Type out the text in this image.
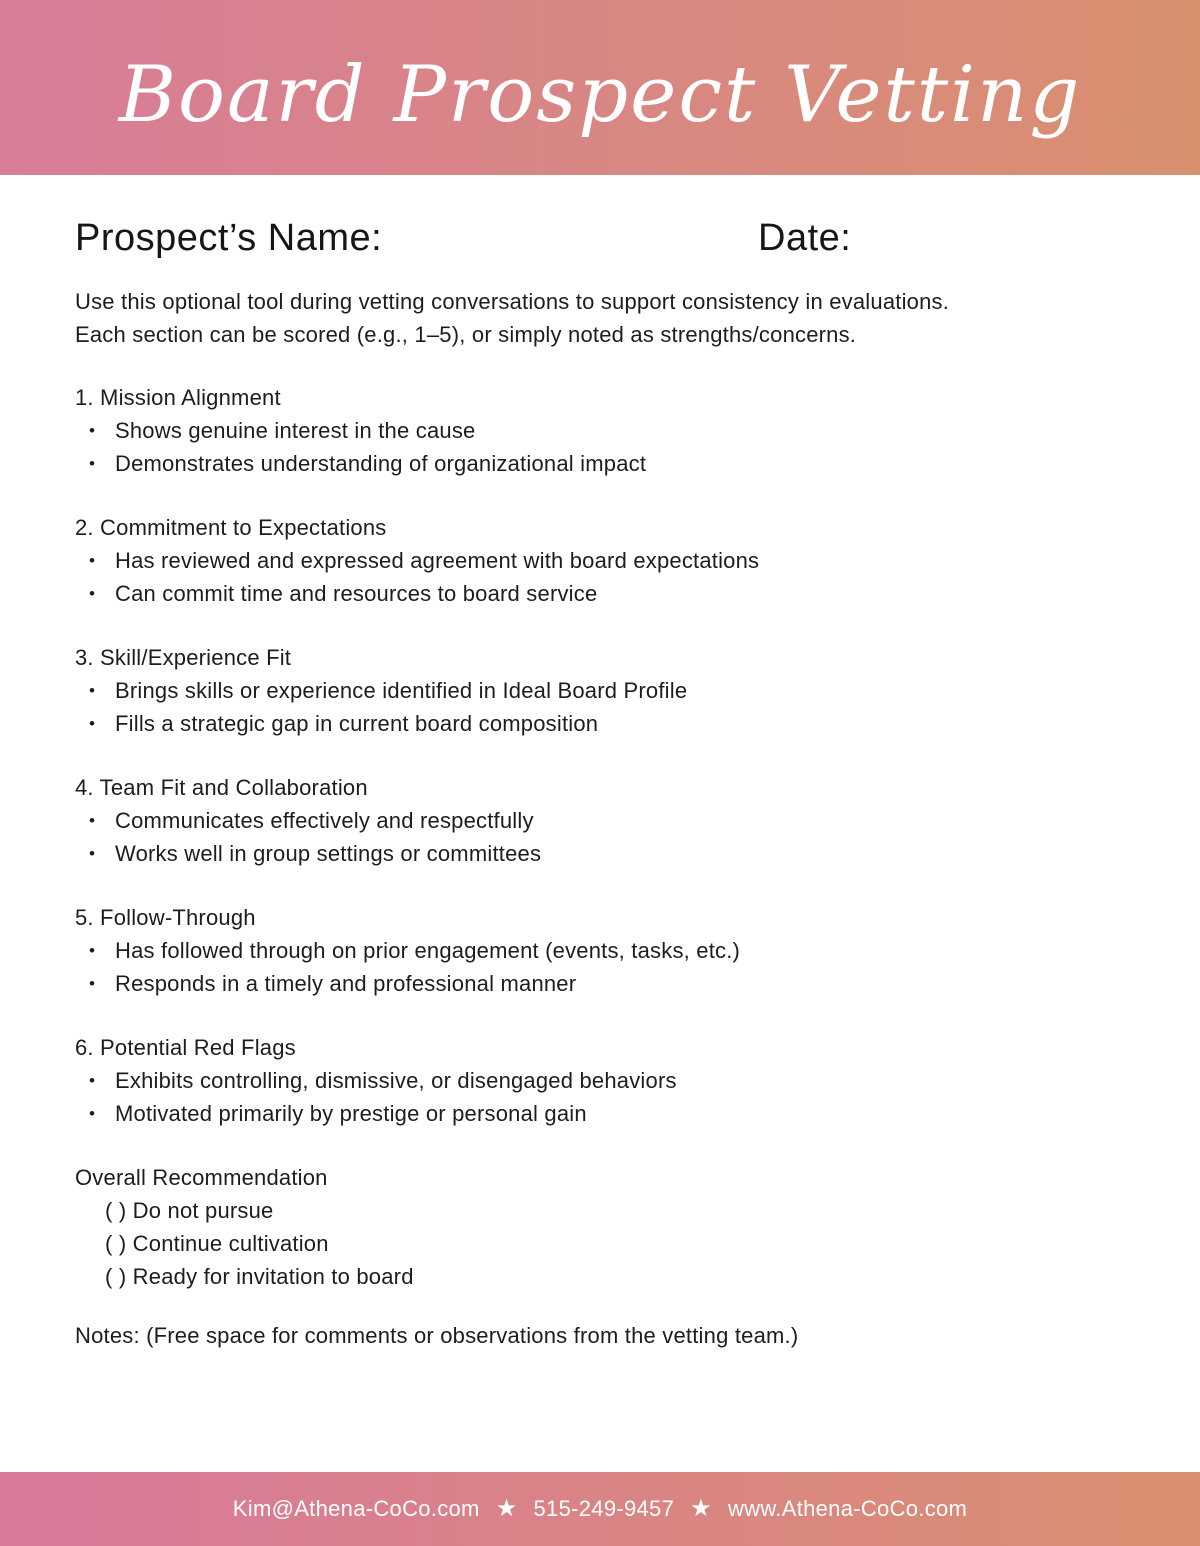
Board Prospect Vetting
Prospect’s Name:	Date:
Use this optional tool during vetting conversations to support consistency in evaluations.
Each section can be scored (e.g., 1–5), or simply noted as strengths/concerns.
1. Mission Alignment
• Shows genuine interest in the cause
• Demonstrates understanding of organizational impact
2. Commitment to Expectations
• Has reviewed and expressed agreement with board expectations
• Can commit time and resources to board service
3. Skill/Experience Fit
• Brings skills or experience identified in Ideal Board Profile
• Fills a strategic gap in current board composition
4. Team Fit and Collaboration
• Communicates effectively and respectfully
• Works well in group settings or committees
5. Follow-Through
• Has followed through on prior engagement (events, tasks, etc.)
• Responds in a timely and professional manner
6. Potential Red Flags
• Exhibits controlling, dismissive, or disengaged behaviors
• Motivated primarily by prestige or personal gain
Overall Recommendation
( ) Do not pursue
( ) Continue cultivation
( ) Ready for invitation to board
Notes: (Free space for comments or observations from the vetting team.)
Kim@Athena-CoCo.com ★ 515-249-9457 ★ www.Athena-CoCo.com
